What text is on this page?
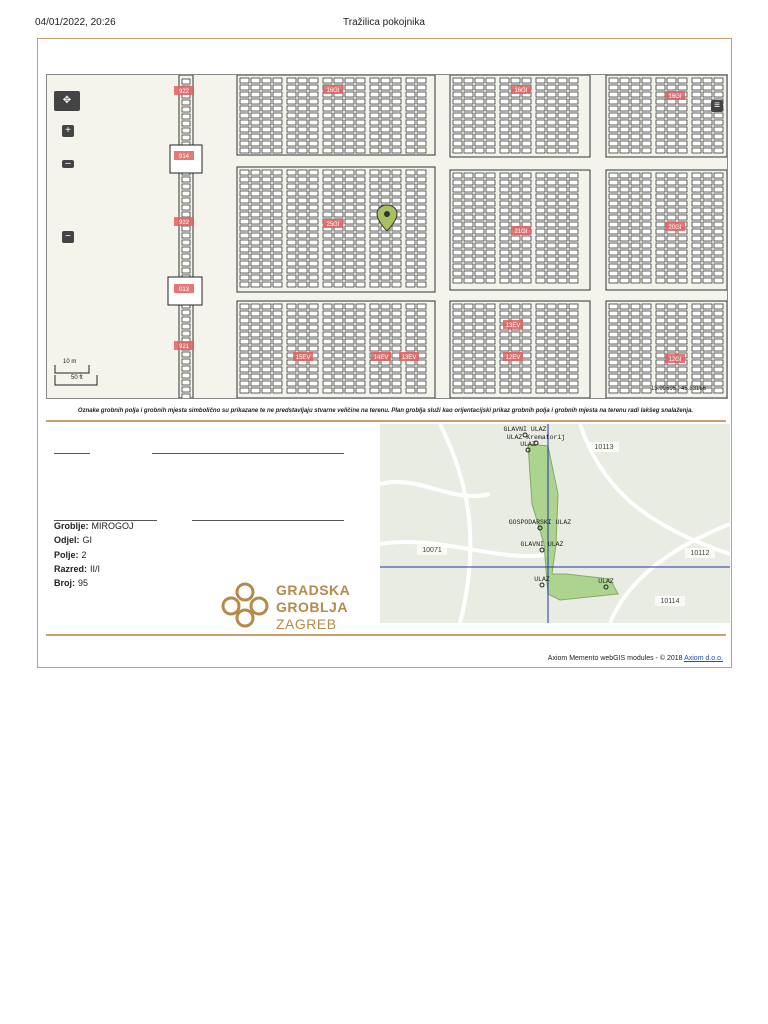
04/01/2022, 20:26	Tražilica pokojnika
922	16GI	16GI
16GI
914
25GI
21GI
20GI
922
013
921
15EV	14EV 13EV
13EV
12EV	12GI
✥
+
–
−
≡
10 m
50 ft
15.99695 ; 45.83166
Oznake grobnih polja i grobnih mjesta simbolično su prikazane te ne predstavljaju stvarne veličine na terenu. Plan groblja služi kao orijentacijski prikaz grobnih polja i grobnih mjesta na terenu radi lakšeg snalaženja.
Groblje: MIROGOJ
Odjel: GI
Polje: 2
Razred: II/I
Broj: 95	GRADSKA
GROBLJA
ZAGREB
GLAVNI ULAZ
ULAZ Krematorij
ULAZ
GOSPODARSKI ULAZ
GLAVNI ULAZ
ULAZ	ULAZ
10113
10071	10112
10114
Axiom Memento webGIS modules - © 2018 Axiom d.o.o.
